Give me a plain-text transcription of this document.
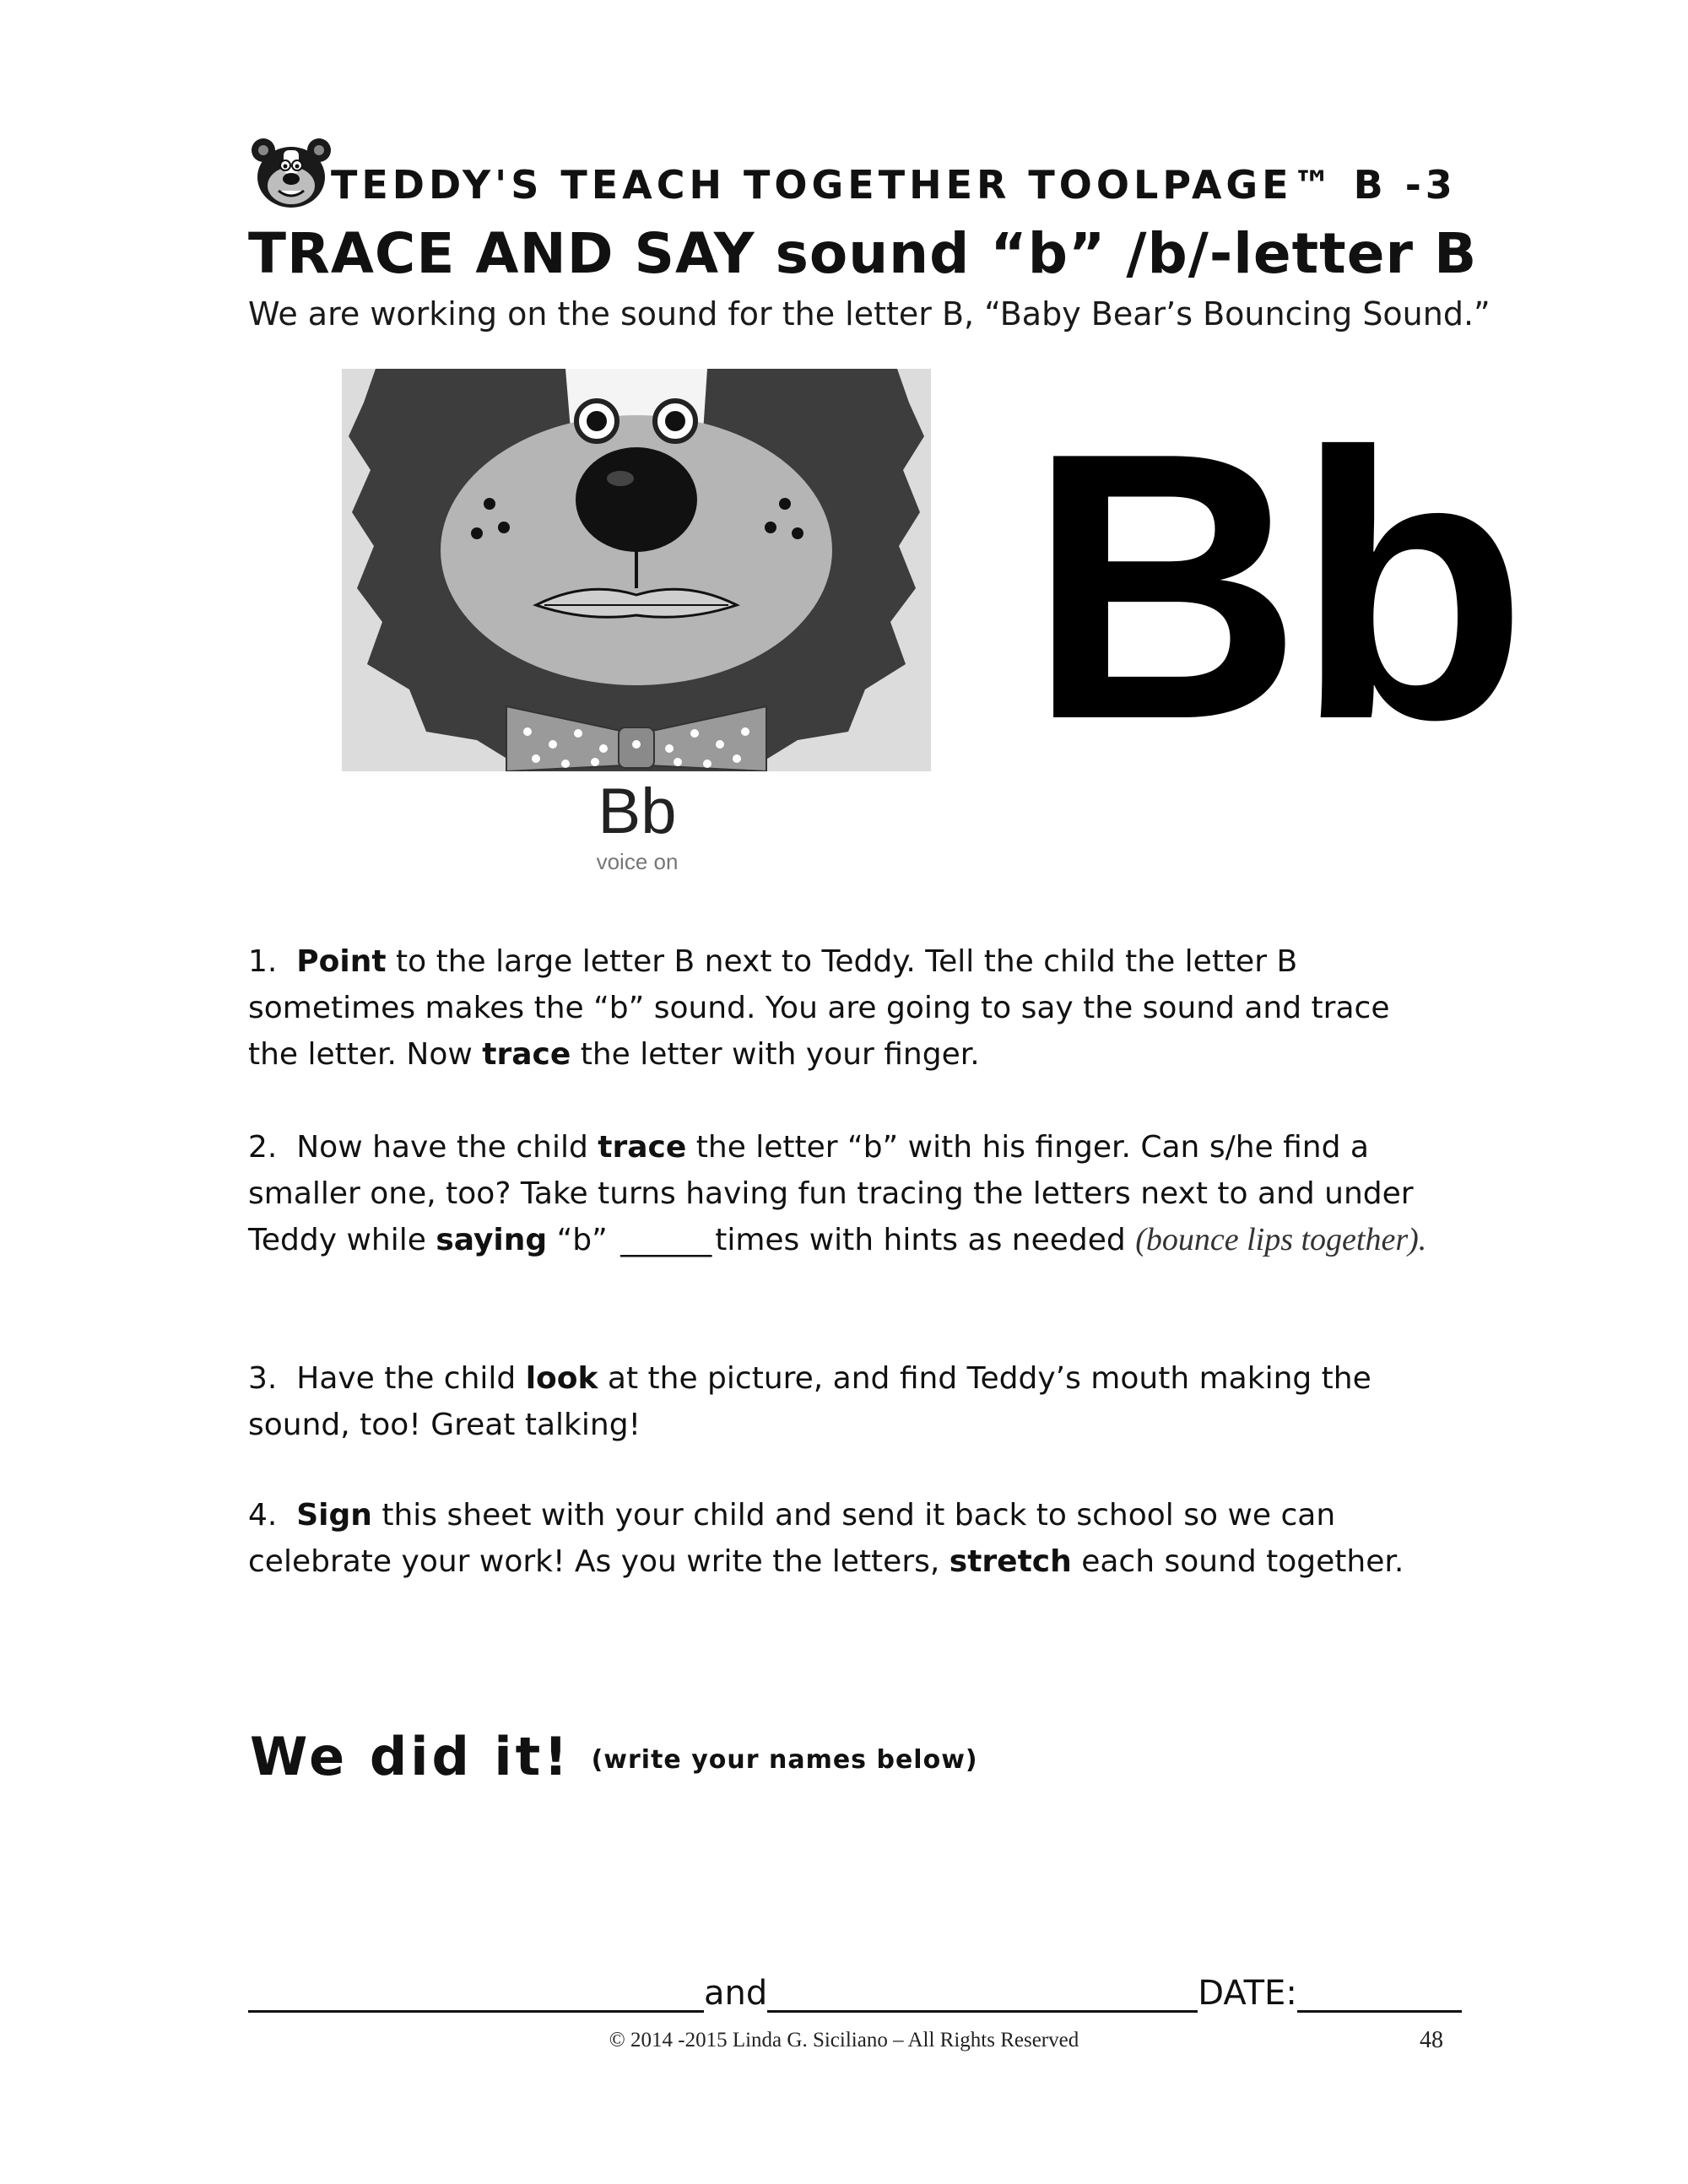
TEDDY'S TEACH TOGETHER TOOLPAGE™ B -3
TRACE AND SAY sound “b” /b/-letter B
We are working on the sound for the letter B, “Baby Bear’s Bouncing Sound.”
Bb
voice on
Bb
1. Point to the large letter B next to Teddy. Tell the child the letter B sometimes makes the “b” sound. You are going to say the sound and trace the letter. Now trace the letter with your finger.
2. Now have the child trace the letter “b” with his finger. Can s/he find a smaller one, too? Take turns having fun tracing the letters next to and under Teddy while saying “b” ______ times with hints as needed (bounce lips together).
3. Have the child look at the picture, and find Teddy’s mouth making the sound, too! Great talking!
4. Sign this sheet with your child and send it back to school so we can celebrate your work! As you write the letters, stretch each sound together.
We did it! (write your names below)
and	DATE:
© 2014 -2015 Linda G. Siciliano – All Rights Reserved	48
